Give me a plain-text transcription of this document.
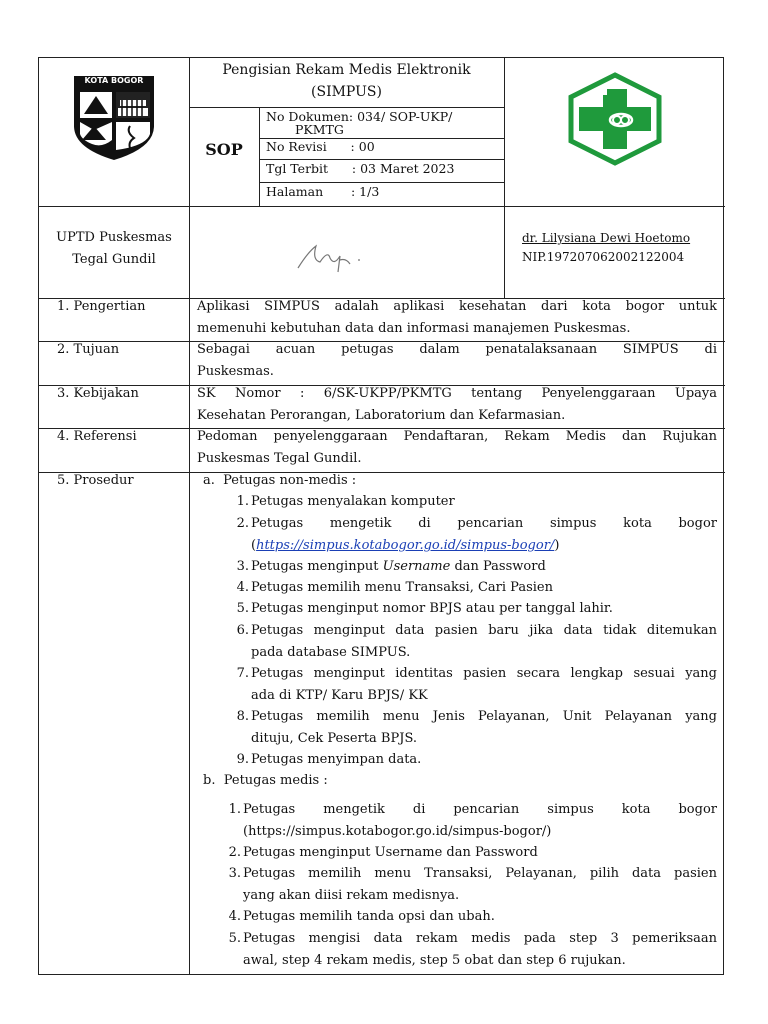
KOTA BOGOR
Pengisian Rekam Medis Elektronik
(SIMPUS)
SOP
No Dokumen: 034/ SOP-UKP/
PKMTG
No Revisi      : 00
Tgl Terbit      : 03 Maret 2023
Halaman       : 1/3
UPTD Puskesmas
Tegal Gundil
dr. Lilysiana Dewi Hoetomo
NIP.197207062002122004
1. Pengertian
2. Tujuan
3. Kebijakan
4. Referensi
5. Prosedur
Aplikasi SIMPUS adalah aplikasi kesehatan dari kota bogor untuk
memenuhi kebutuhan data dan informasi manajemen Puskesmas.
Sebagai acuan petugas dalam penatalaksanaan SIMPUS di
Puskesmas.
SK Nomor : 6/SK-UKPP/PKMTG tentang Penyelenggaraan Upaya
Kesehatan Perorangan, Laboratorium dan Kefarmasian.
Pedoman penyelenggaraan Pendaftaran, Rekam Medis dan Rujukan
Puskesmas Tegal Gundil.
a.  Petugas non-medis :
1. Petugas menyalakan komputer
2. Petugas mengetik di pencarian simpus kota bogor
(https://simpus.kotabogor.go.id/simpus-bogor/)
3. Petugas menginput Username dan Password
4. Petugas memilih menu Transaksi, Cari Pasien
5. Petugas menginput nomor BPJS atau per tanggal lahir.
6. Petugas menginput data pasien baru jika data tidak ditemukan
pada database SIMPUS.
7. Petugas menginput identitas pasien secara lengkap sesuai yang
ada di KTP/ Karu BPJS/ KK
8. Petugas memilih menu Jenis Pelayanan, Unit Pelayanan yang
dituju, Cek Peserta BPJS.
9. Petugas menyimpan data.
b.  Petugas medis :
1. Petugas mengetik di pencarian simpus kota bogor
(https://simpus.kotabogor.go.id/simpus-bogor/)
2. Petugas menginput Username dan Password
3. Petugas memilih menu Transaksi, Pelayanan, pilih data pasien
yang akan diisi rekam medisnya.
4. Petugas memilih tanda opsi dan ubah.
5. Petugas mengisi data rekam medis pada step 3 pemeriksaan
awal, step 4 rekam medis, step 5 obat dan step 6 rujukan.
